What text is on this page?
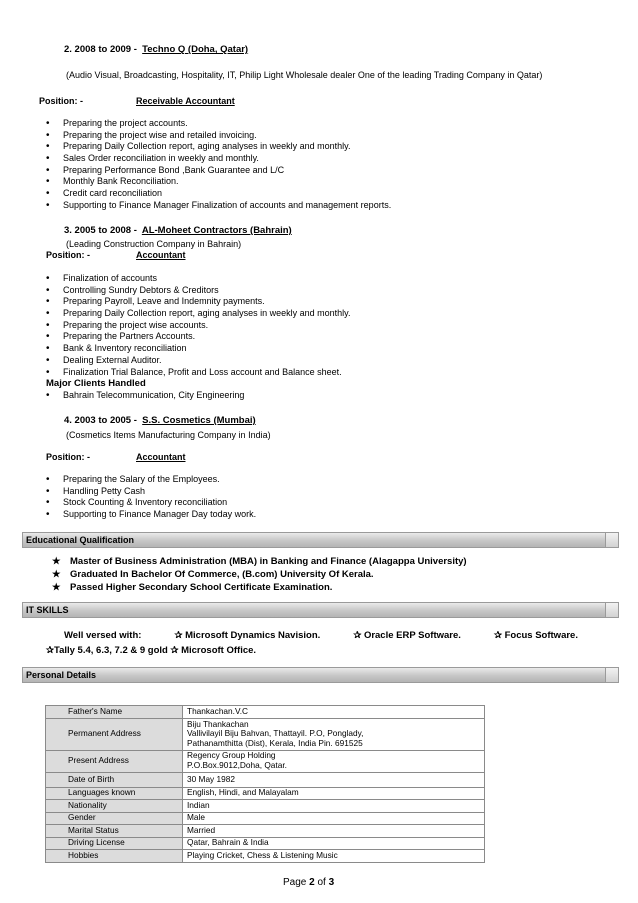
2. 2008 to 2009 - Techno Q (Doha, Qatar)
(Audio Visual, Broadcasting, Hospitality, IT, Philip Light Wholesale dealer One of the leading Trading Company in Qatar)
Position: -	Receivable Accountant
• Preparing the project accounts.
• Preparing the project wise and retailed invoicing.
• Preparing Daily Collection report, aging analyses in weekly and monthly.
• Sales Order reconciliation in weekly and monthly.
• Preparing Performance Bond ,Bank Guarantee and L/C
• Monthly Bank Reconciliation.
• Credit card reconciliation
• Supporting to Finance Manager Finalization of accounts and management reports.
3. 2005 to 2008 - AL-Moheet Contractors (Bahrain)
(Leading Construction Company in Bahrain)
Position: -	Accountant
• Finalization of accounts
• Controlling Sundry Debtors & Creditors
• Preparing Payroll, Leave and Indemnity payments.
• Preparing Daily Collection report, aging analyses in weekly and monthly.
• Preparing the project wise accounts.
• Preparing the Partners Accounts.
• Bank & Inventory reconciliation
• Dealing External Auditor.
• Finalization Trial Balance, Profit and Loss account and Balance sheet.
Major Clients Handled
• Bahrain Telecommunication, City Engineering
4. 2003 to 2005 - S.S. Cosmetics (Mumbai)
(Cosmetics Items Manufacturing Company in India)
Position: -	Accountant
• Preparing the Salary of the Employees.
• Handling Petty Cash
• Stock Counting & Inventory reconciliation
• Supporting to Finance Manager Day today work.
Educational Qualification
★ Master of Business Administration (MBA) in Banking and Finance (Alagappa University)
★ Graduated In Bachelor Of Commerce, (B.com) University Of Kerala.
★ Passed Higher Secondary School Certificate Examination.
IT SKILLS
Well versed with:	✰ Microsoft Dynamics Navision.	✰ Oracle ERP Software.	✰ Focus Software.
✰Tally 5.4, 6.3, 7.2 & 9 gold ✰ Microsoft Office.
Personal Details
Father's Name	Thankachan.V.C

Permanent Address	Biju Thankachan
Vallivilayil Biju Bahvan, Thattayil. P.O, Ponglady,
Pathanamthitta (Dist), Kerala, India Pin. 691525

Present Address	Regency Group Holding
P.O.Box.9012,Doha, Qatar.

Date of Birth	30 May 1982

Languages known	English, Hindi, and Malayalam

Nationality	Indian

Gender	Male

Marital Status	Married

Driving License	Qatar, Bahrain & India

Hobbies	Playing Cricket, Chess & Listening Music
Page 2 of 3
